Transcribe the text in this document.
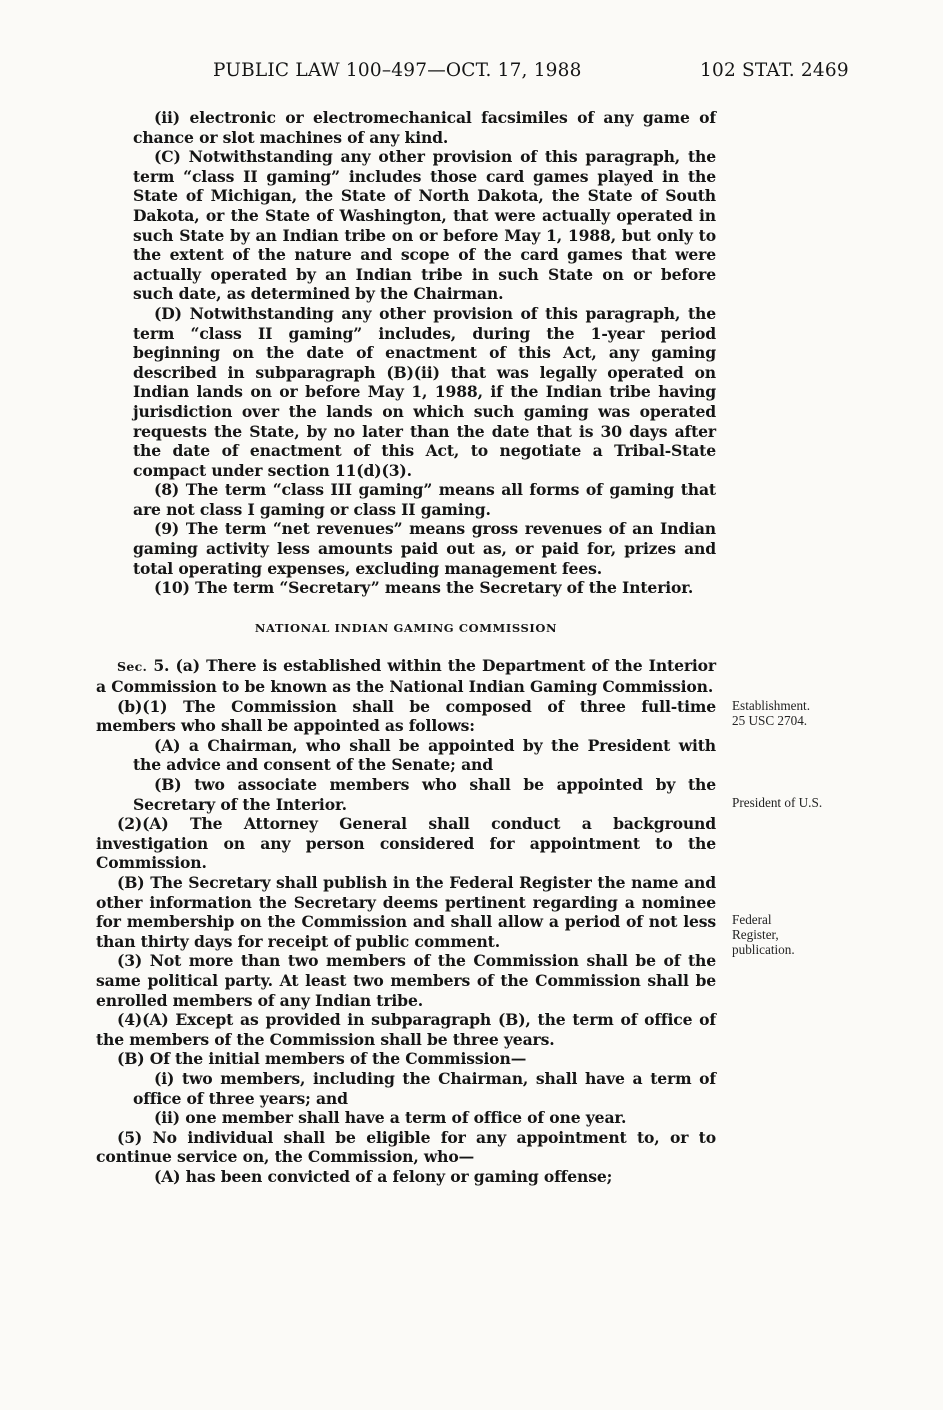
PUBLIC LAW 100–497—OCT. 17, 1988	102 STAT. 2469

(ii) electronic or electromechanical facsimiles of any game of chance or slot machines of any kind.

(C) Notwithstanding any other provision of this paragraph, the term “class II gaming” includes those card games played in the State of Michigan, the State of North Dakota, the State of South Dakota, or the State of Washington, that were actually operated in such State by an Indian tribe on or before May 1, 1988, but only to the extent of the nature and scope of the card games that were actually operated by an Indian tribe in such State on or before such date, as determined by the Chairman.

(D) Notwithstanding any other provision of this paragraph, the term “class II gaming” includes, during the 1-year period beginning on the date of enactment of this Act, any gaming described in subparagraph (B)(ii) that was legally operated on Indian lands on or before May 1, 1988, if the Indian tribe having jurisdiction over the lands on which such gaming was operated requests the State, by no later than the date that is 30 days after the date of enactment of this Act, to negotiate a Tribal-State compact under section 11(d)(3).

(8) The term “class III gaming” means all forms of gaming that are not class I gaming or class II gaming.

(9) The term “net revenues” means gross revenues of an Indian gaming activity less amounts paid out as, or paid for, prizes and total operating expenses, excluding management fees.

(10) The term “Secretary” means the Secretary of the Interior.

NATIONAL INDIAN GAMING COMMISSION

Sec. 5. (a) There is established within the Department of the Interior a Commission to be known as the National Indian Gaming Commission.

(b)(1) The Commission shall be composed of three full-time members who shall be appointed as follows:

(A) a Chairman, who shall be appointed by the President with the advice and consent of the Senate; and

(B) two associate members who shall be appointed by the Secretary of the Interior.

(2)(A) The Attorney General shall conduct a background investigation on any person considered for appointment to the Commission.

(B) The Secretary shall publish in the Federal Register the name and other information the Secretary deems pertinent regarding a nominee for membership on the Commission and shall allow a period of not less than thirty days for receipt of public comment.

(3) Not more than two members of the Commission shall be of the same political party. At least two members of the Commission shall be enrolled members of any Indian tribe.

(4)(A) Except as provided in subparagraph (B), the term of office of the members of the Commission shall be three years.

(B) Of the initial members of the Commission—

(i) two members, including the Chairman, shall have a term of office of three years; and

(ii) one member shall have a term of office of one year.

(5) No individual shall be eligible for any appointment to, or to continue service on, the Commission, who—

(A) has been convicted of a felony or gaming offense;

Establishment.
25 USC 2704.
President of U.S.
Federal
Register,
publication.
